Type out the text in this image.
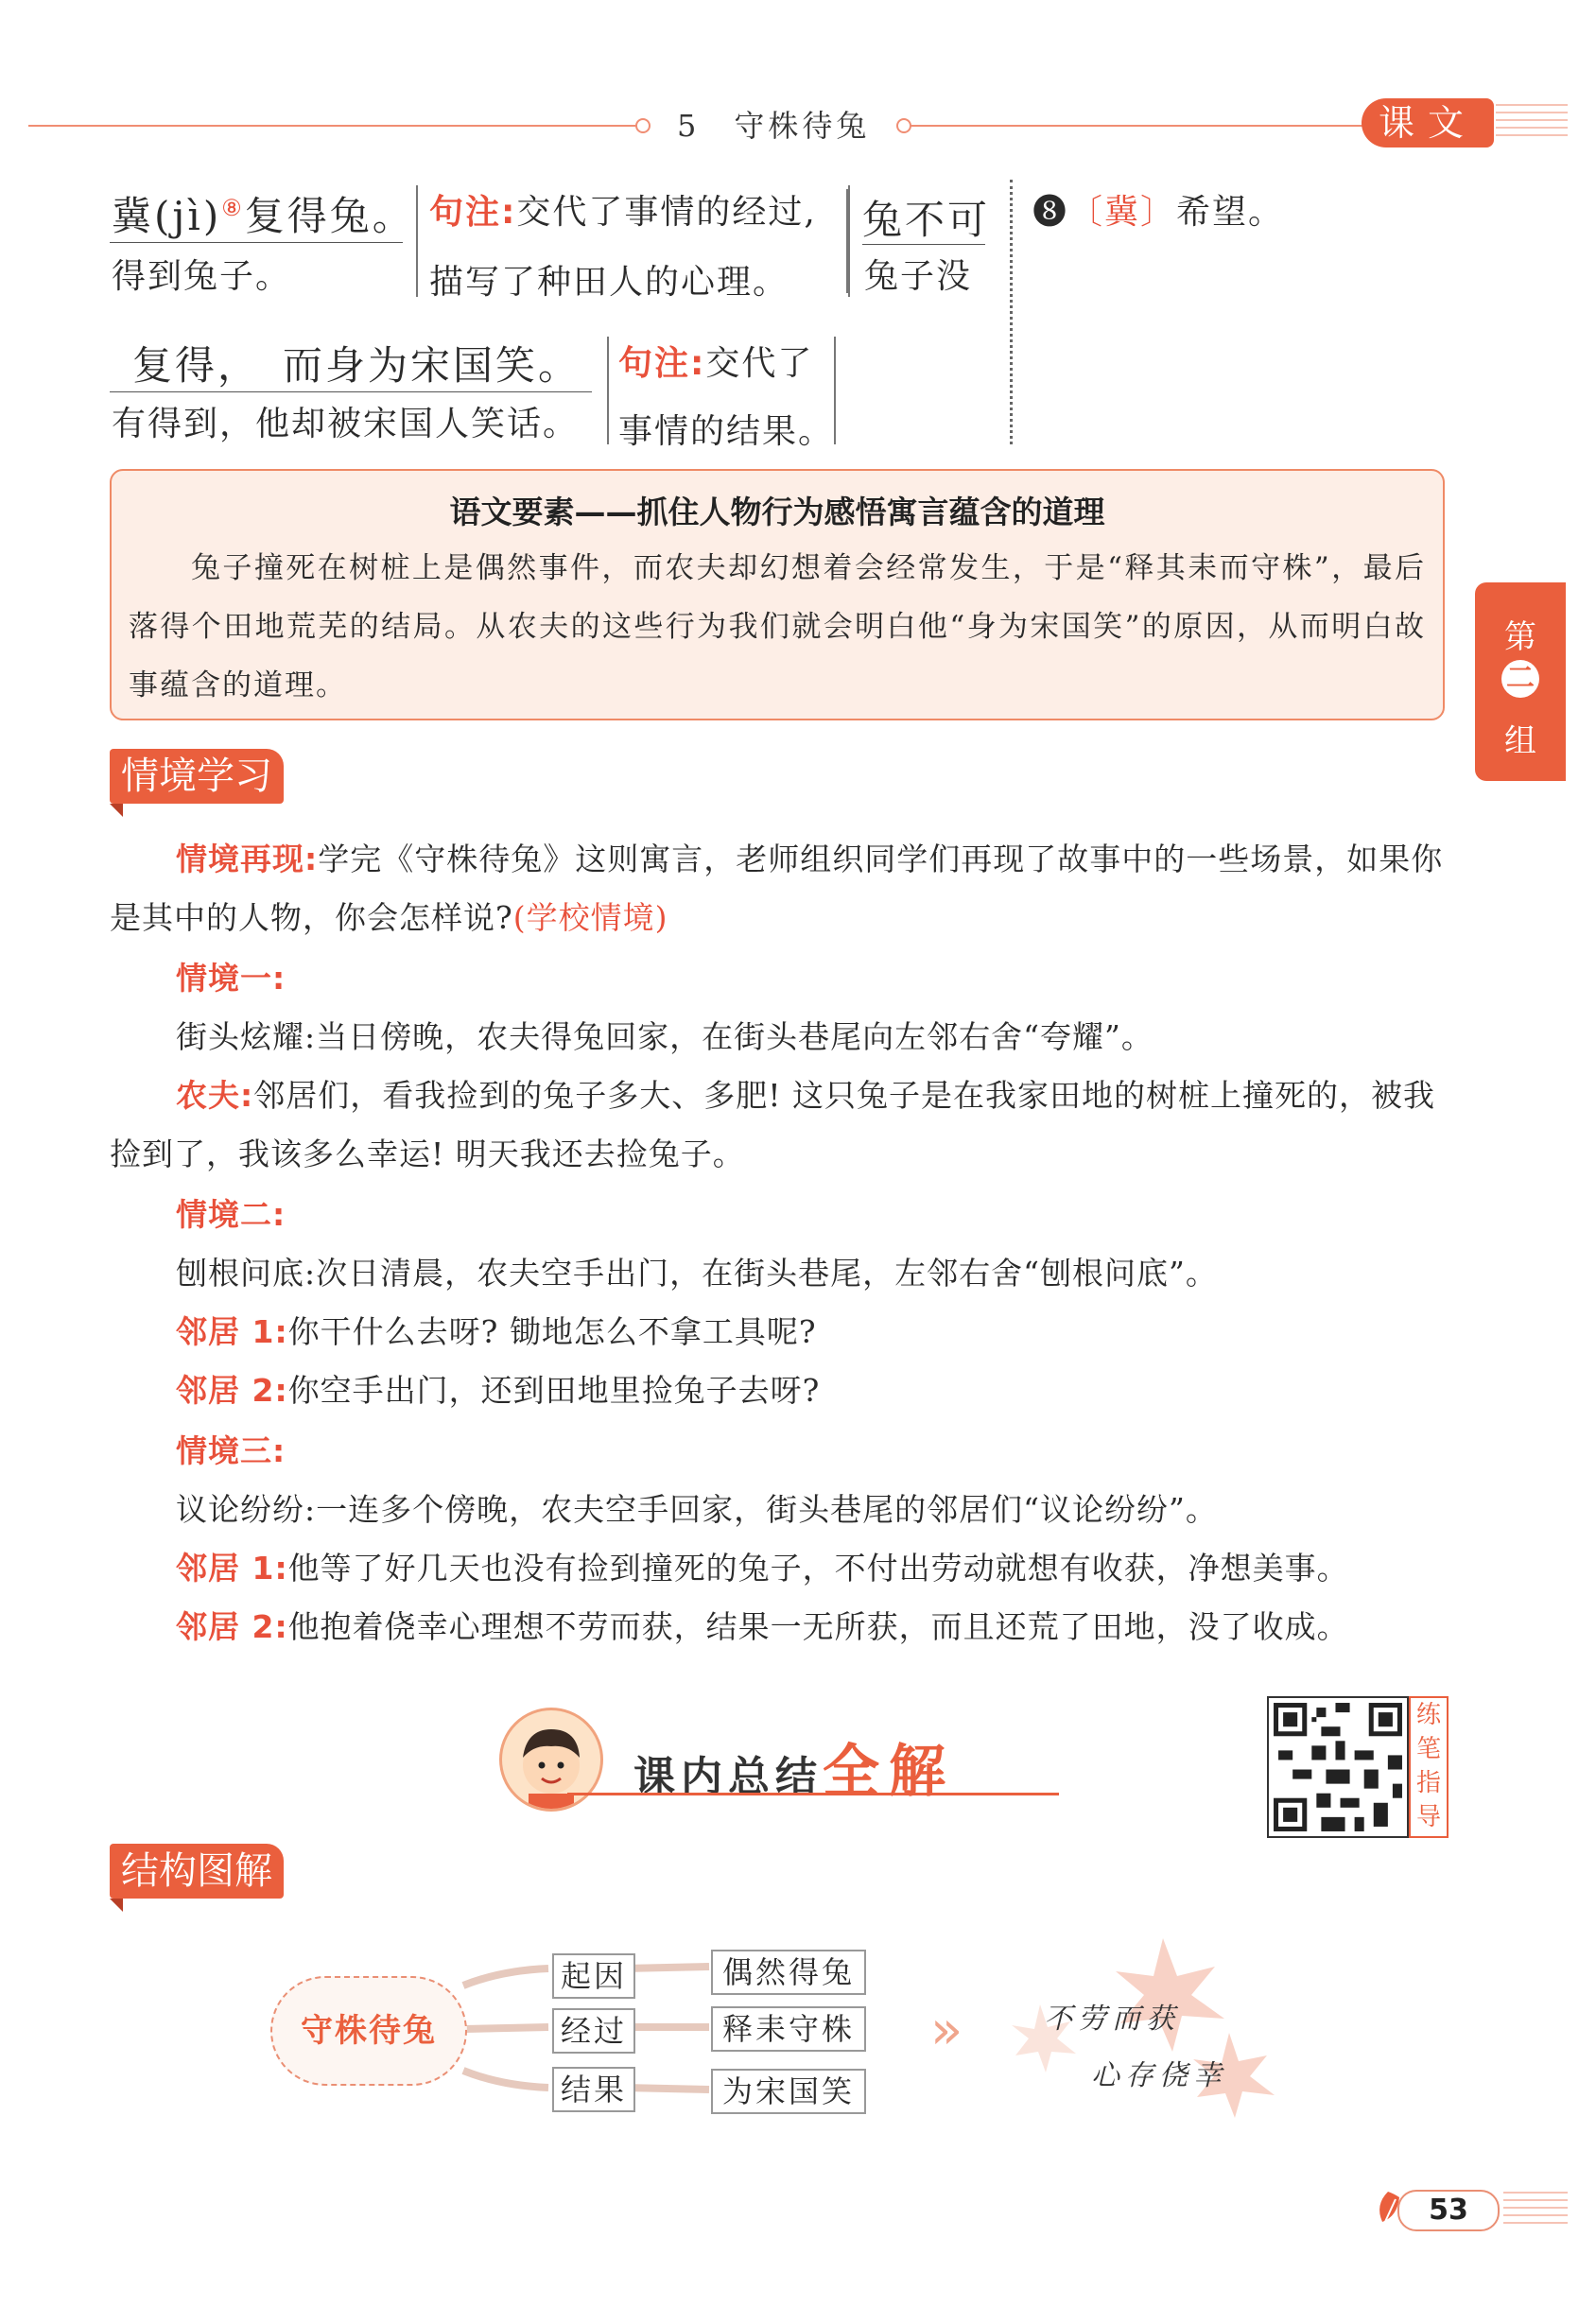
5　守株待兔	课文
冀(jì)⑧复得兔。
得到兔子。
句注:交代了事情的经过,
描写了种田人的心理。
兔不可
兔子没
❽〔冀〕希望。
复得，　而身为宋国笑。
有得到，他却被宋国人笑话。
句注:交代了
事情的结果。
语文要素——抓住人物行为感悟寓言蕴含的道理
兔子撞死在树桩上是偶然事件，而农夫却幻想着会经常发生，于是“释其耒而守株”，最后落得个田地荒芜的结局。从农夫的这些行为我们就会明白他“身为宋国笑”的原因，从而明白故事蕴含的道理。
第
二
组
情境学习
情境再现:学完《守株待兔》这则寓言，老师组织同学们再现了故事中的一些场景，如果你是其中的人物，你会怎样说?(学校情境)
情境一:
街头炫耀:当日傍晚，农夫得兔回家，在街头巷尾向左邻右舍“夸耀”。
农夫:邻居们，看我捡到的兔子多大、多肥! 这只兔子是在我家田地的树桩上撞死的，被我捡到了，我该多么幸运! 明天我还去捡兔子。
情境二:
刨根问底:次日清晨，农夫空手出门，在街头巷尾，左邻右舍“刨根问底”。
邻居 1:你干什么去呀? 锄地怎么不拿工具呢?
邻居 2:你空手出门，还到田地里捡兔子去呀?
情境三:
议论纷纷:一连多个傍晚，农夫空手回家，街头巷尾的邻居们“议论纷纷”。
邻居 1:他等了好几天也没有捡到撞死的兔子，不付出劳动就想有收获，净想美事。
邻居 2:他抱着侥幸心理想不劳而获，结果一无所获，而且还荒了田地，没了收成。
课内总结全解
练
笔
指
导
结构图解
守株待兔
起因
经过
结果
偶然得兔
释耒守株
为宋国笑
»	不劳而获
心存侥幸
53
